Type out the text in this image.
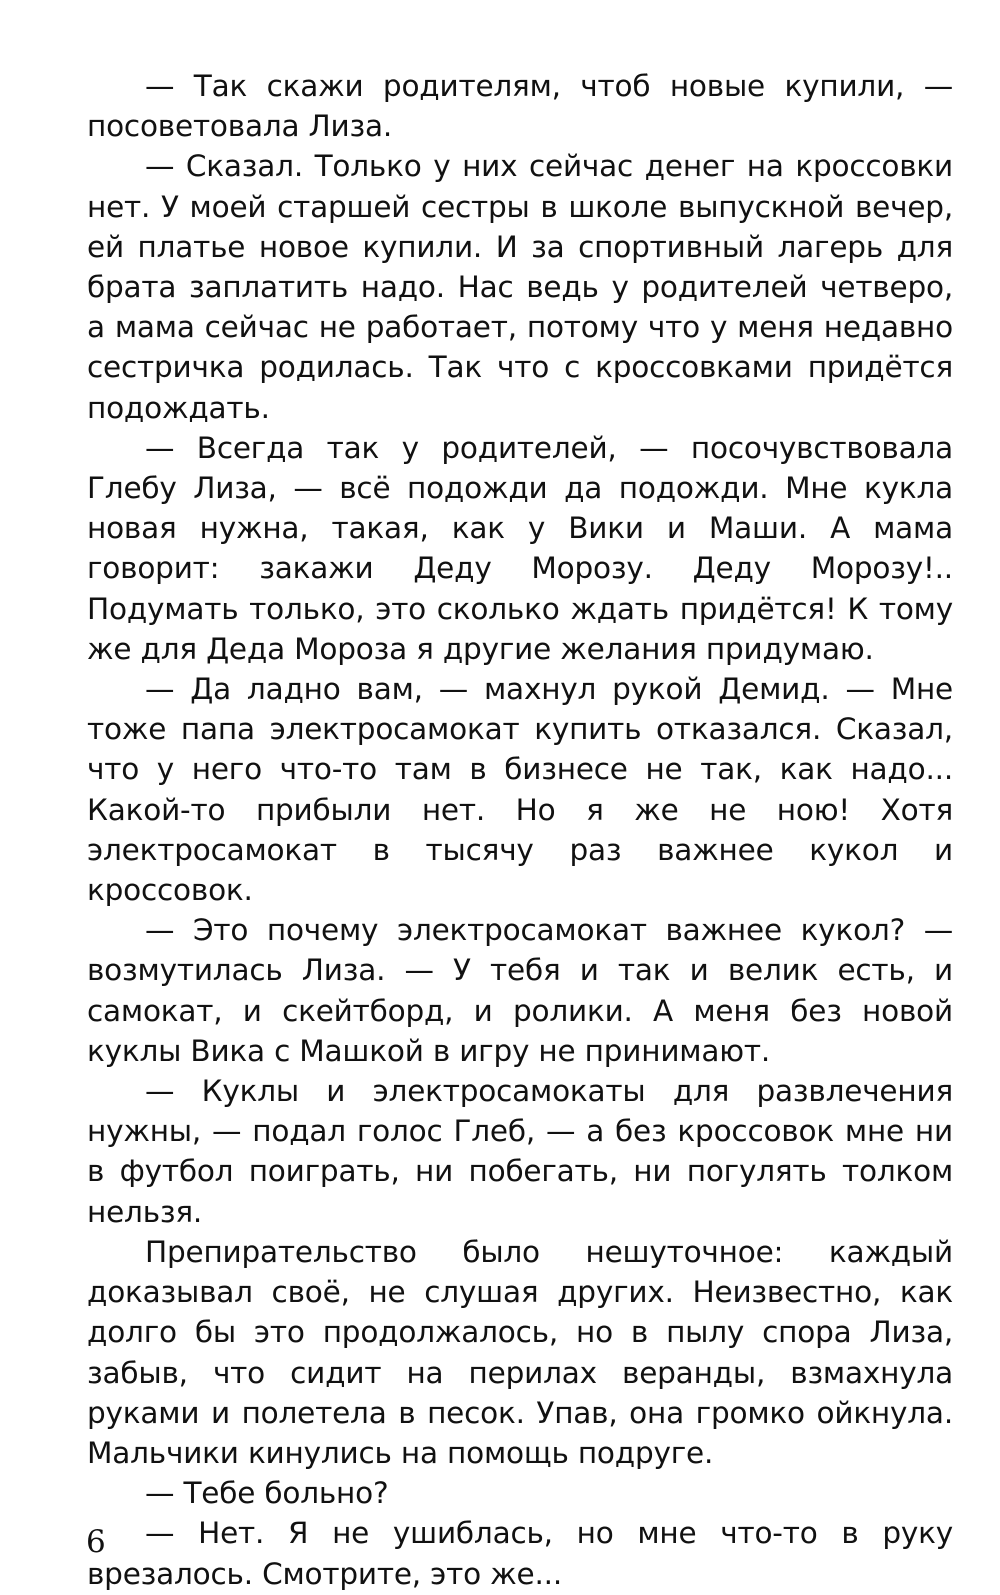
— Так скажи родителям, чтоб новые купили, — посоветовала Лиза.

— Сказал. Только у них сейчас денег на кроссовки нет. У моей старшей сестры в школе выпускной вечер, ей платье новое купили. И за спортивный лагерь для брата заплатить надо. Нас ведь у родителей четверо, а мама сейчас не работает, потому что у меня недавно сестричка родилась. Так что с кроссовками придётся подождать.

— Всегда так у родителей, — посочувствовала Глебу Лиза, — всё подожди да подожди. Мне кукла новая нужна, такая, как у Вики и Маши. А мама говорит: закажи Деду Морозу. Деду Морозу!.. Подумать только, это сколько ждать придётся! К тому же для Деда Мороза я другие желания придумаю.

— Да ладно вам, — махнул рукой Демид. — Мне тоже папа электросамокат купить отказался. Сказал, что у него что-то там в бизнесе не так, как надо... Какой-то прибыли нет. Но я же не ною! Хотя электросамокат в тысячу раз важнее кукол и кроссовок.

— Это почему электросамокат важнее кукол? — возмутилась Лиза. — У тебя и так и велик есть, и самокат, и скейтборд, и ролики. А меня без новой куклы Вика с Машкой в игру не принимают.

— Куклы и электросамокаты для развлечения нужны, — подал голос Глеб, — а без кроссовок мне ни в футбол поиграть, ни побегать, ни погулять толком нельзя.

Препирательство было нешуточное: каждый доказывал своё, не слушая других. Неизвестно, как долго бы это продолжалось, но в пылу спора Лиза, забыв, что сидит на перилах веранды, взмахнула руками и полетела в песок. Упав, она громко ойкнула. Мальчики кинулись на помощь подруге.

— Тебе больно?

— Нет. Я не ушиблась, но мне что-то в руку врезалось. Смотрите, это же...

6
